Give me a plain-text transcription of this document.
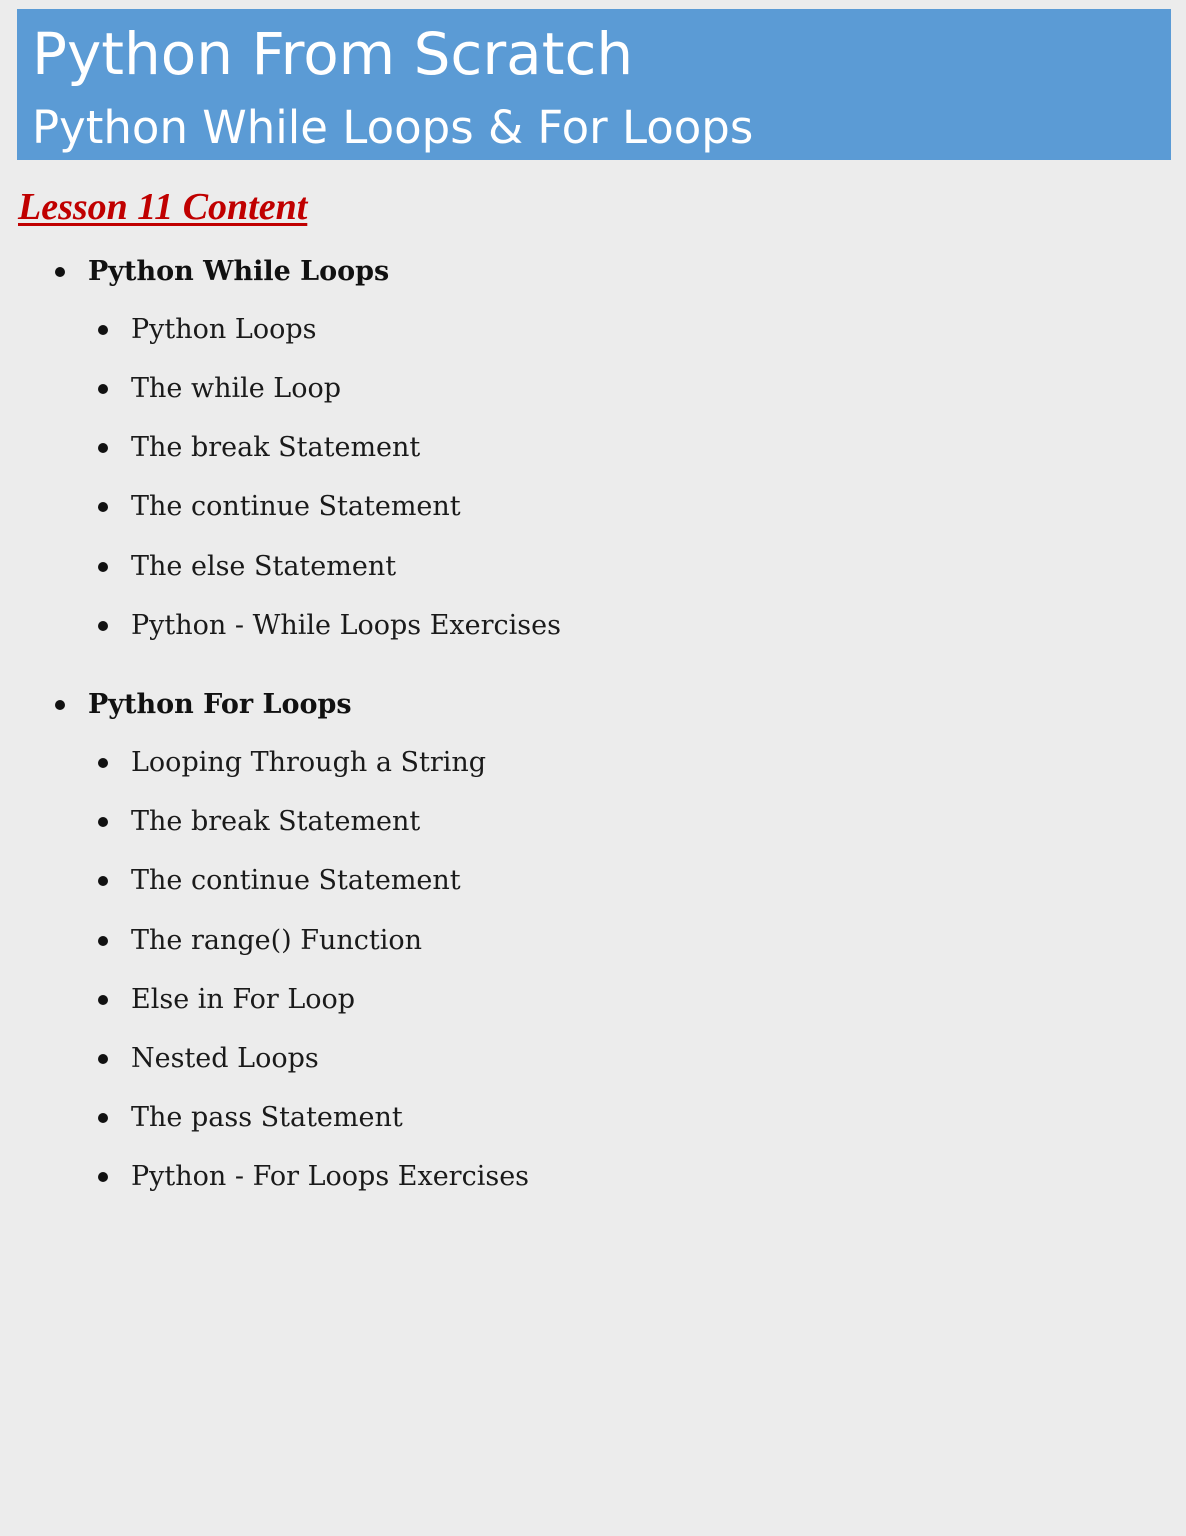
Python From Scratch
Python While Loops & For Loops
Lesson 11 Content
Python While Loops
Python Loops
The while Loop
The break Statement
The continue Statement
The else Statement
Python - While Loops Exercises
Python For Loops
Looping Through a String
The break Statement
The continue Statement
The range() Function
Else in For Loop
Nested Loops
The pass Statement
Python - For Loops Exercises
